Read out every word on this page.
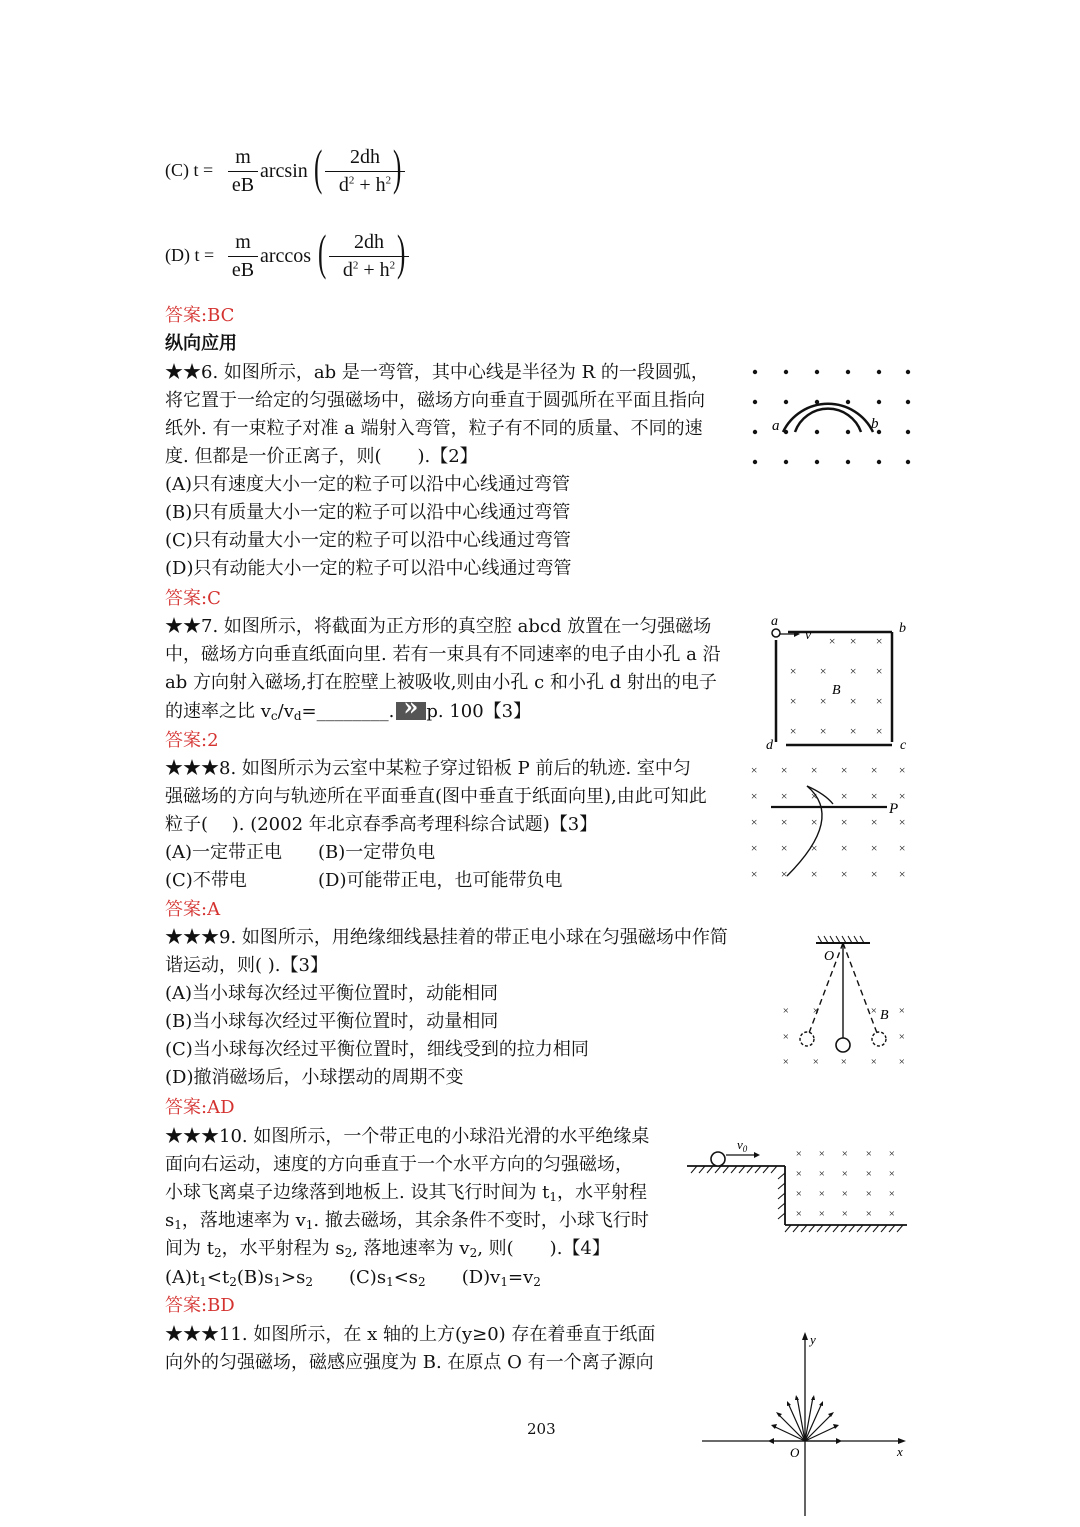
(C) t =
m
eB
arcsin (	2dh
$d^2 + h^2$ )
(D) t =
m
eB
arccos (	2dh
$d^2 + h^2$ )
答案:BC
纵向应用
★★6. 如图所示，ab 是一弯管，其中心线是半径为 R 的一段圆弧，
将它置于一给定的匀强磁场中，磁场方向垂直于圆弧所在平面且指向
纸外. 有一束粒子对准 a 端射入弯管，粒子有不同的质量、不同的速
度. 但都是一价正离子，则(　　).【2】
(A)只有速度大小一定的粒子可以沿中心线通过弯管
(B)只有质量大小一定的粒子可以沿中心线通过弯管
(C)只有动量大小一定的粒子可以沿中心线通过弯管
(D)只有动能大小一定的粒子可以沿中心线通过弯管
答案:C
a	b
★★7. 如图所示，将截面为正方形的真空腔 abcd 放置在一匀强磁场
中，磁场方向垂直纸面向里. 若有一束具有不同速率的电子由小孔 a 沿
ab 方向射入磁场,打在腔壁上被吸收,则由小孔 c 和小孔 d 射出的电子
的速率之比 $v_c/v_d=\_\_\_\_\_\_\_\_$.» p. 100【3】
答案:2
a	b
c
d
v
B
× × ×
× × × ×
× × × ×
× × × ×
★★★8. 如图所示为云室中某粒子穿过铅板 P 前后的轨迹. 室中匀
强磁场的方向与轨迹所在平面垂直(图中垂直于纸面向里),由此可知此
粒子(　 ). (2002 年北京春季高考理科综合试题)【3】
(A)一定带正电 (B)一定带负电
(C)不带电	(D)可能带正电，也可能带负电
答案:A
× × × × × ×
× × × × × ×
× × × × × ×
× × × × × ×
× × × × × ×
P
★★★9. 如图所示，用绝缘细线悬挂着的带正电小球在匀强磁场中作简
谐运动，则( ).【3】
(A)当小球每次经过平衡位置时，动能相同
(B)当小球每次经过平衡位置时，动量相同
(C)当小球每次经过平衡位置时，细线受到的拉力相同
(D)撤消磁场后，小球摆动的周期不变
答案:AD
O
B
× ×	× ×
×	×
× × × × ×
★★★10. 如图所示，一个带正电的小球沿光滑的水平绝缘桌
面向右运动，速度的方向垂直于一个水平方向的匀强磁场，
小球飞离桌子边缘落到地板上. 设其飞行时间为 $t_1$，水平射程
$s_1$，落地速率为 $v_1$. 撤去磁场，其余条件不变时，小球飞行时
间为 $t_2$，水平射程为 $s_2$, 落地速率为 $v_2$, 则(　　).【4】
$(A)t_1<t_2(B)s_1>s_2$ $(C)s_1<s_2$ $(D)v_1=v_2$
答案:BD
$v_0$	× × × × ×
× × × × ×
× × × × ×
× × × × ×
★★★11. 如图所示，在 x 轴的上方(y≥0) 存在着垂直于纸面
向外的匀强磁场，磁感应强度为 B. 在原点 O 有一个离子源向
y
x
O
203
